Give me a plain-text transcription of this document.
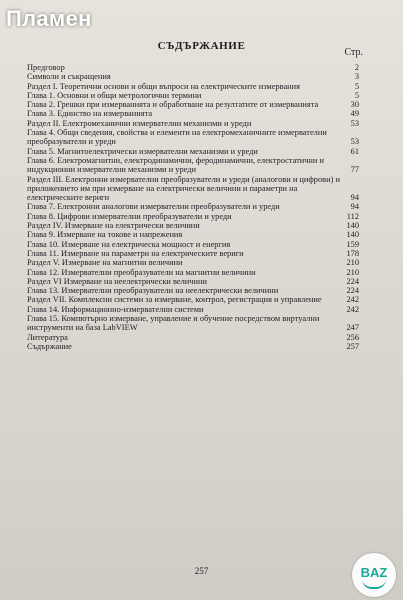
Пламен
СЪДЪРЖАНИЕ
Стр.
Предговор	2
Символи и съкращения	3
Раздел I. Теоретични основи и общи въпроси на електрическите измервания	5
Глава 1. Основни и общи метрологични термини	5
Глава 2. Грешки при измерванията и обработване на резултатите от измерванията	30
Глава 3. Единство на измерванията	49
Раздел II. Електромеханични измервателни механизми и уреди	53
Глава 4. Общи сведения, свойства и елементи на електромеханичните измервателни преобразуватели и уреди	53
Глава 5. Магнитоелектрически измервателни механизми и уреди	61
Глава 6. Електромагнитни, електродинамични, феродинамични, електростатични и индукционни измервателни механизми и уреди	77
Раздел III. Електронни измервателни преобразуватели и уреди (аналогови и цифрови) и приложението им при измерване на електрически величини и параметри на електрическите вериги	94
Глава 7. Електронни аналогови измервателни преобразуватели и уреди	94
Глава 8. Цифрови измервателни преобразуватели и уреди	112
Раздел IV. Измерване на електрически величини	140
Глава 9. Измерване на токове и напрежения	140
Глава 10. Измерване на електрическа мощност и енергия	159
Глава 11. Измерване на параметри на електрическите вериги	178
Раздел V. Измерване на магнитни величини	210
Глава 12. Измервателни преобразуватели на магнитни величини	210
Раздел VI Измерване на неелектрически величини	224
Глава 13. Измервателни преобразуватели на неелектрически величини	224
Раздел VII. Комплексни системи за измерване, контрол, регистрация и управление	242
Глава 14. Информационно-измервателни системи	242
Глава 15. Компютърно измерване, управление и обучение посредством виртуални инструменти на база LabVIEW	247
Литература	256
Съдържание	257
257	BAZ
